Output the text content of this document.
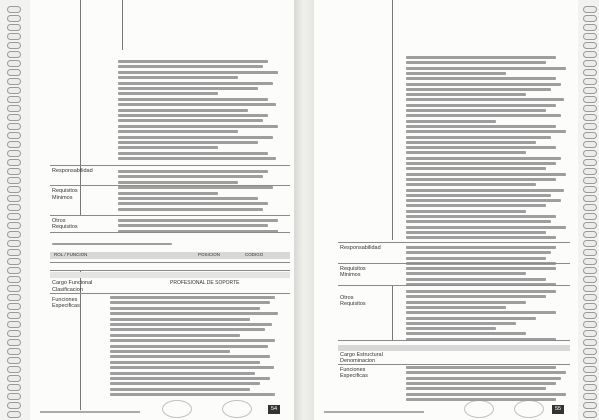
Responsabilidad
Requisitos
Minimos
Otros
Requisitos
ROL / FUNCION	POSICION	CODIGO
Cargo Funcional	PROFESIONAL DE SOPORTE
Clasificacion
Funciones
Especificas
54
Responsabilidad
Requisitos
Minimos
Otros
Requisitos
Cargo Estructural
Denominacion
Funciones
Especificas
55
